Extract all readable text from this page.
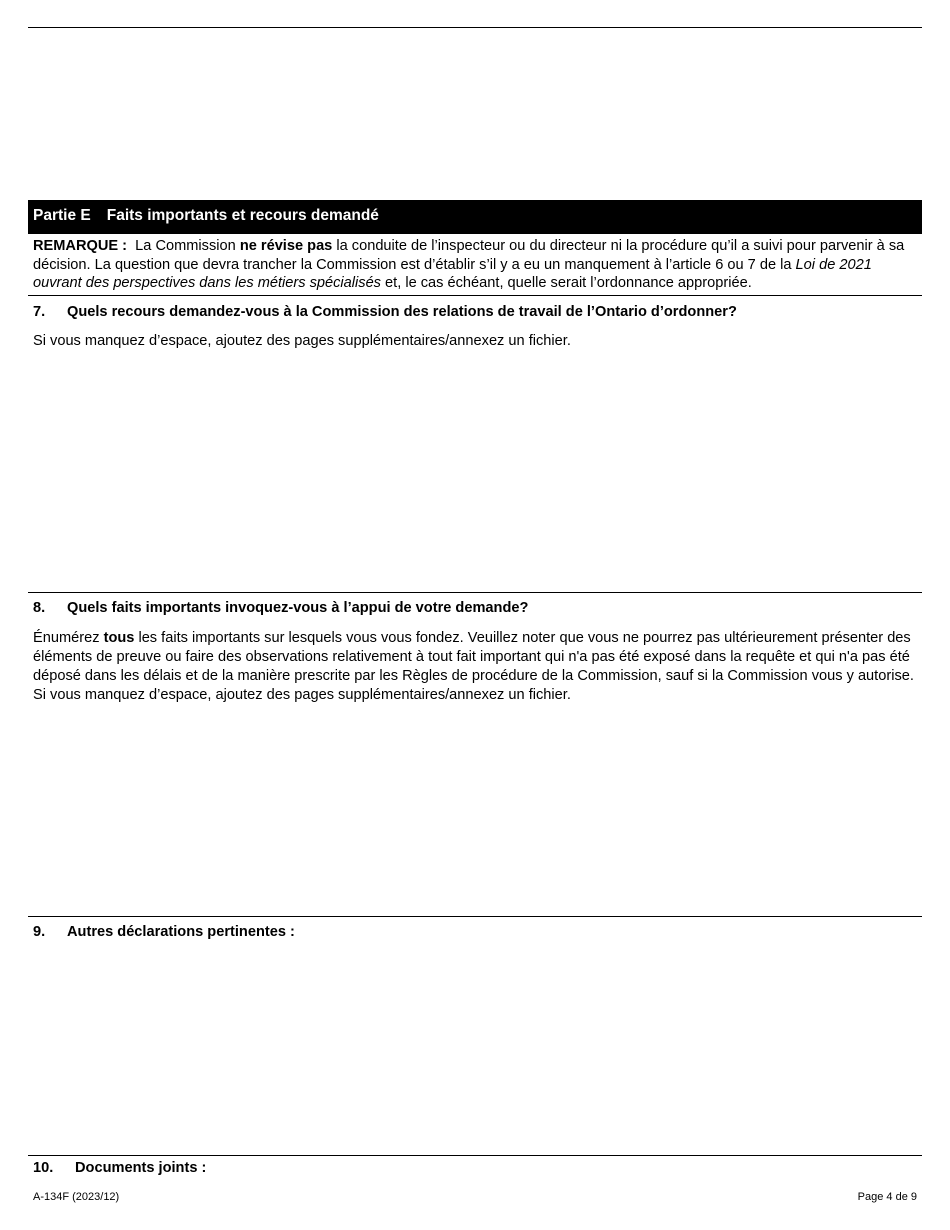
Partie E Faits importants et recours demandé
REMARQUE : La Commission ne révise pas la conduite de l’inspecteur ou du directeur ni la procédure qu’il a suivi pour parvenir à sa décision. La question que devra trancher la Commission est d’établir s’il y a eu un manquement à l’article 6 ou 7 de la Loi de 2021 ouvrant des perspectives dans les métiers spécialisés et, le cas échéant, quelle serait l’ordonnance appropriée.
7. Quels recours demandez-vous à la Commission des relations de travail de l’Ontario d’ordonner?
Si vous manquez d’espace, ajoutez des pages supplémentaires/annexez un fichier.
8. Quels faits importants invoquez-vous à l’appui de votre demande?
Énumérez tous les faits importants sur lesquels vous vous fondez. Veuillez noter que vous ne pourrez pas ultérieurement présenter des éléments de preuve ou faire des observations relativement à tout fait important qui n'a pas été exposé dans la requête et qui n'a pas été déposé dans les délais et de la manière prescrite par les Règles de procédure de la Commission, sauf si la Commission vous y autorise. Si vous manquez d’espace, ajoutez des pages supplémentaires/annexez un fichier.
9. Autres déclarations pertinentes :
10. Documents joints :
A-134F (2023/12)	Page 4 de 9
